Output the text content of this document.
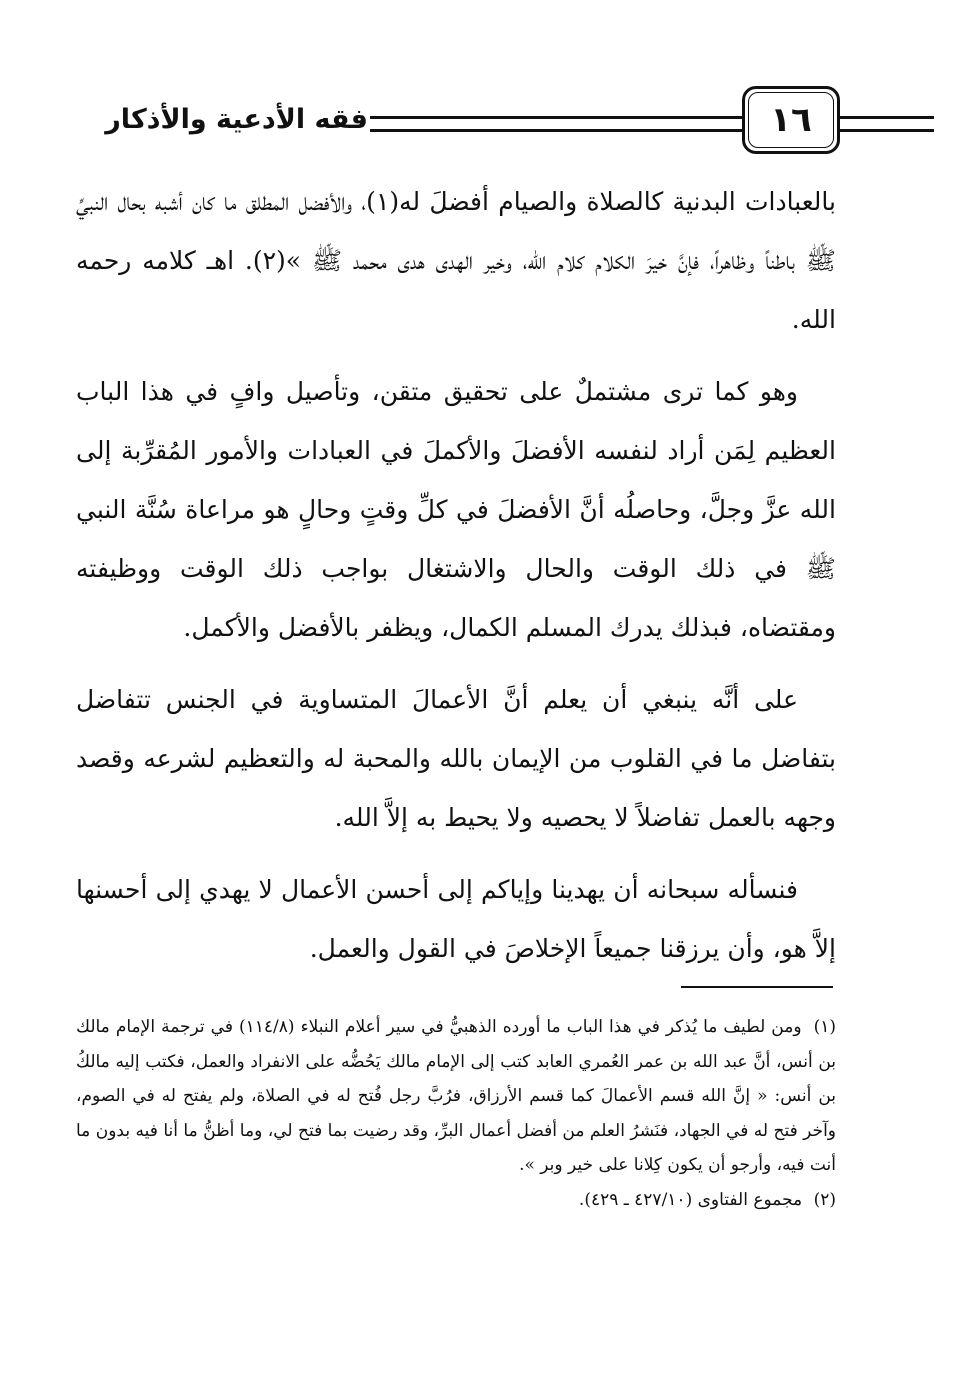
١٦
فقه الأدعية والأذكار

بالعبادات البدنية كالصلاة والصيام أفضلَ له(١)، والأفضل المطلق ما كان أشبه بحال النبيِّ ﷺ باطناً وظاهراً، فإنَّ خيرَ الكلام كلام الله، وخير الهدى هدى محمد ﷺ »(٢). اهـ كلامه رحمه الله.

وهو كما ترى مشتملٌ على تحقيق متقن، وتأصيل وافٍ في هذا الباب العظيم لِمَن أراد لنفسه الأفضلَ والأكملَ في العبادات والأمور المُقرِّبة إلى الله عزَّ وجلَّ، وحاصلُه أنَّ الأفضلَ في كلِّ وقتٍ وحالٍ هو مراعاة سُنَّة النبي ﷺ في ذلك الوقت والحال والاشتغال بواجب ذلك الوقت ووظيفته ومقتضاه، فبذلك يدرك المسلم الكمال، ويظفر بالأفضل والأكمل.

على أنَّه ينبغي أن يعلم أنَّ الأعمالَ المتساوية في الجنس تتفاضل بتفاضل ما في القلوب من الإيمان بالله والمحبة له والتعظيم لشرعه وقصد وجهه بالعمل تفاضلاً لا يحصيه ولا يحيط به إلاَّ الله.

فنسأله سبحانه أن يهدينا وإياكم إلى أحسن الأعمال لا يهدي إلى أحسنها إلاَّ هو، وأن يرزقنا جميعاً الإخلاصَ في القول والعمل.

(١) ومن لطيف ما يُذكر في هذا الباب ما أورده الذهبيُّ في سير أعلام النبلاء (١١٤/٨) في ترجمة الإمام مالك بن أنس، أنَّ عبد الله بن عمر العُمري العابد كتب إلى الإمام مالك يَحُضُّه على الانفراد والعمل، فكتب إليه مالكُ بن أنس: « إنَّ الله قسم الأعمالَ كما قسم الأرزاق، فرُبَّ رجل فُتح له في الصلاة، ولم يفتح له في الصوم، وآخر فتح له في الجهاد، فنَشرُ العلم من أفضل أعمال البرِّ، وقد رضيت بما فتح لي، وما أظنُّ ما أنا فيه بدون ما أنت فيه، وأرجو أن يكون كِلانا على خير وبر ».

(٢) مجموع الفتاوى (٤٢٧/١٠ ـ ٤٢٩).
